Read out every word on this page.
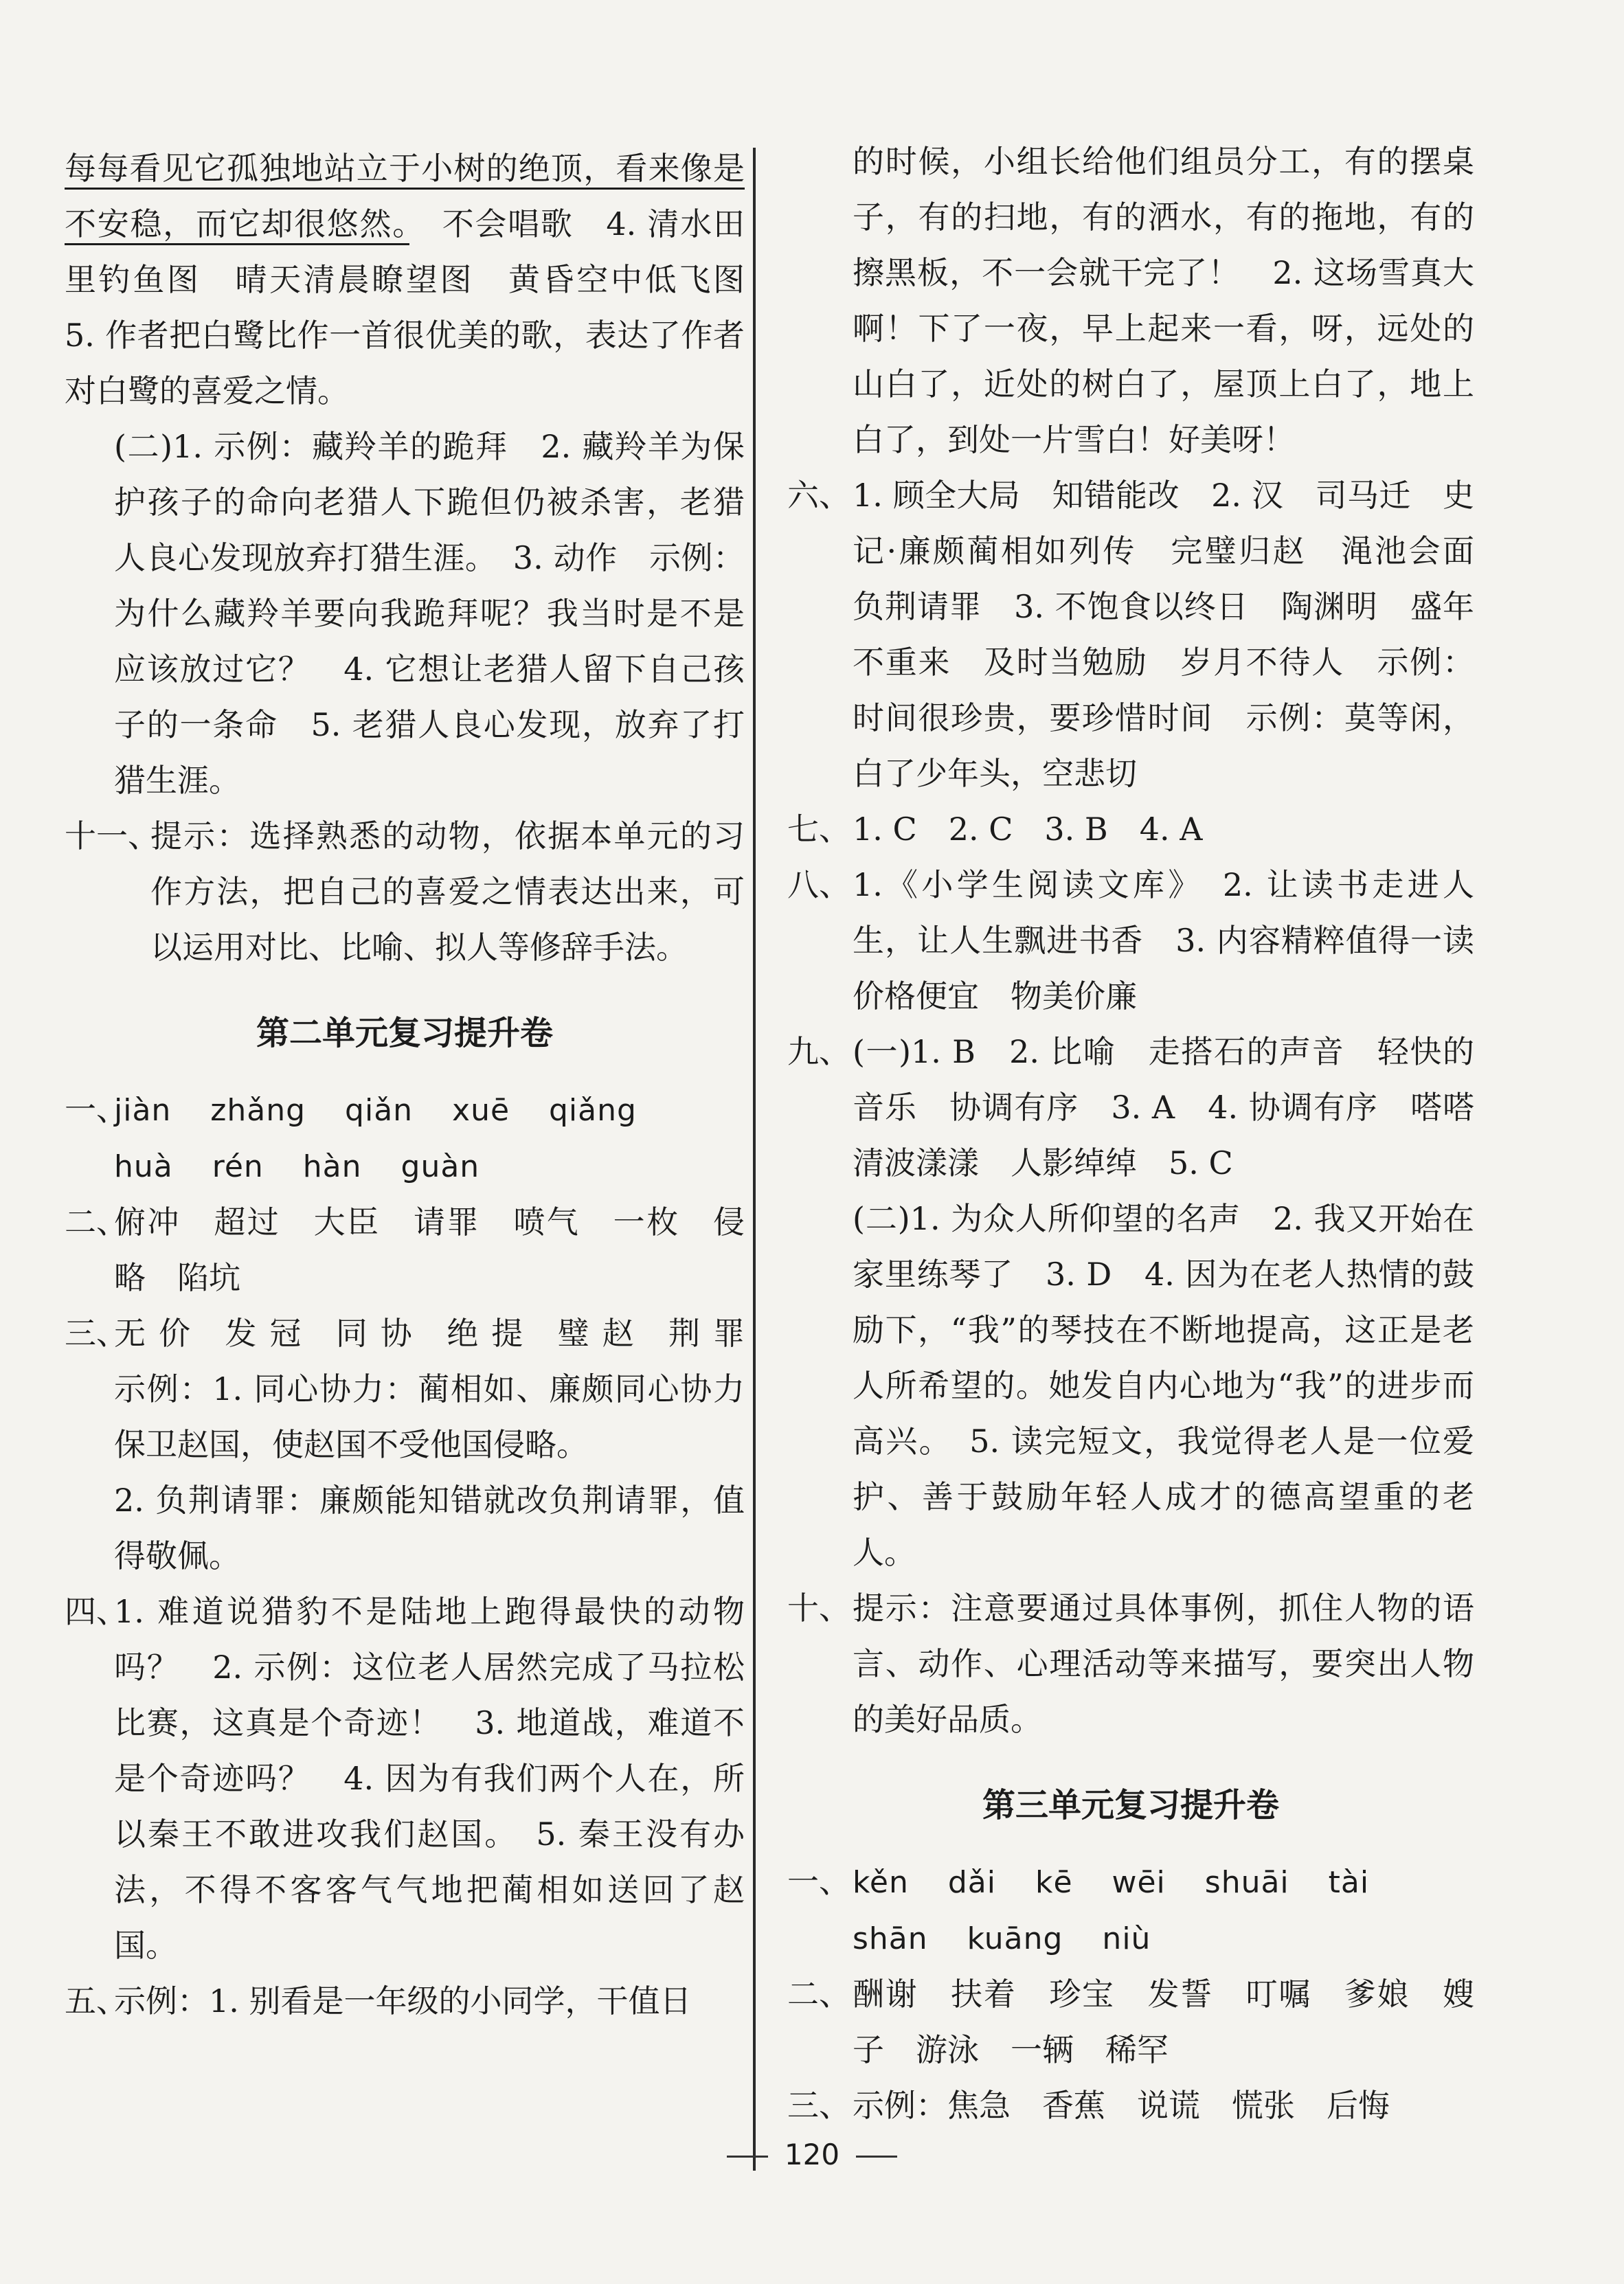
每每看见它孤独地站立于小树的绝顶，看来像是不安稳，而它却很悠然。　 不会唱歌　4. 清水田里钓鱼图　晴天清晨瞭望图　黄昏空中低飞图　5. 作者把白鹭比作一首很优美的歌，表达了作者对白鹭的喜爱之情。

(二)1. 示例：藏羚羊的跪拜　2. 藏羚羊为保护孩子的命向老猎人下跪但仍被杀害，老猎人良心发现放弃打猎生涯。　3. 动作　示例：为什么藏羚羊要向我跪拜呢？我当时是不是应该放过它？　4. 它想让老猎人留下自己孩子的一条命　5. 老猎人良心发现，放弃了打猎生涯。

十一、
提示：选择熟悉的动物，依据本单元的习作方法，把自己的喜爱之情表达出来，可以运用对比、比喻、拟人等修辞手法。

第二单元复习提升卷

一、
jiàn zhǎng qiǎn xuē qiǎng
huà rén hàn guàn

二、
俯冲　超过　大臣　请罪　喷气　一枚　侵略　陷坑

三、
无 价　发 冠　同 协　绝 提　璧 赵　荆 罪　示例：1. 同心协力：蔺相如、廉颇同心协力保卫赵国，使赵国不受他国侵略。

2. 负荆请罪：廉颇能知错就改负荆请罪，值得敬佩。

四、
1. 难道说猎豹不是陆地上跑得最快的动物吗？　2. 示例：这位老人居然完成了马拉松比赛，这真是个奇迹！　3. 地道战，难道不是个奇迹吗？　4. 因为有我们两个人在，所以秦王不敢进攻我们赵国。　5. 秦王没有办法，不得不客客气气地把蔺相如送回了赵国。

五、
示例：1. 别看是一年级的小同学，干值日

的时候，小组长给他们组员分工，有的摆桌子，有的扫地，有的洒水，有的拖地，有的擦黑板，不一会就干完了！　2. 这场雪真大啊！下了一夜，早上起来一看，呀，远处的山白了，近处的树白了，屋顶上白了，地上白了，到处一片雪白！好美呀！

六、 1. 顾全大局　知错能改　2. 汉　司马迁　史记·廉颇蔺相如列传　完璧归赵　渑池会面　负荆请罪　3. 不饱食以终日　陶渊明　盛年不重来　及时当勉励　岁月不待人　示例：时间很珍贵，要珍惜时间　示例：莫等闲，白了少年头，空悲切

七、 1. C　2. C　3. B　4. A

八、 1.《小学生阅读文库》　2. 让读书走进人生，让人生飘进书香　3. 内容精粹值得一读　价格便宜　物美价廉

九、 (一)1. B　2. 比喻　走搭石的声音　轻快的音乐　协调有序　3. A　4. 协调有序　嗒嗒　清波漾漾　人影绰绰　5. C

(二)1. 为众人所仰望的名声　2. 我又开始在家里练琴了　3. D　4. 因为在老人热情的鼓励下，“我”的琴技在不断地提高，这正是老人所希望的。她发自内心地为“我”的进步而高兴。　5. 读完短文，我觉得老人是一位爱护、善于鼓励年轻人成才的德高望重的老人。

十、 提示：注意要通过具体事例，抓住人物的语言、动作、心理活动等来描写，要突出人物的美好品质。

第三单元复习提升卷

一、 kěn dǎi kē wēi shuāi tài
shān kuāng niù

二、 酬谢　扶着　珍宝　发誓　叮嘱　爹娘　嫂子　游泳　一辆　稀罕

三、 示例：焦急　香蕉　说谎　慌张　后悔

120
